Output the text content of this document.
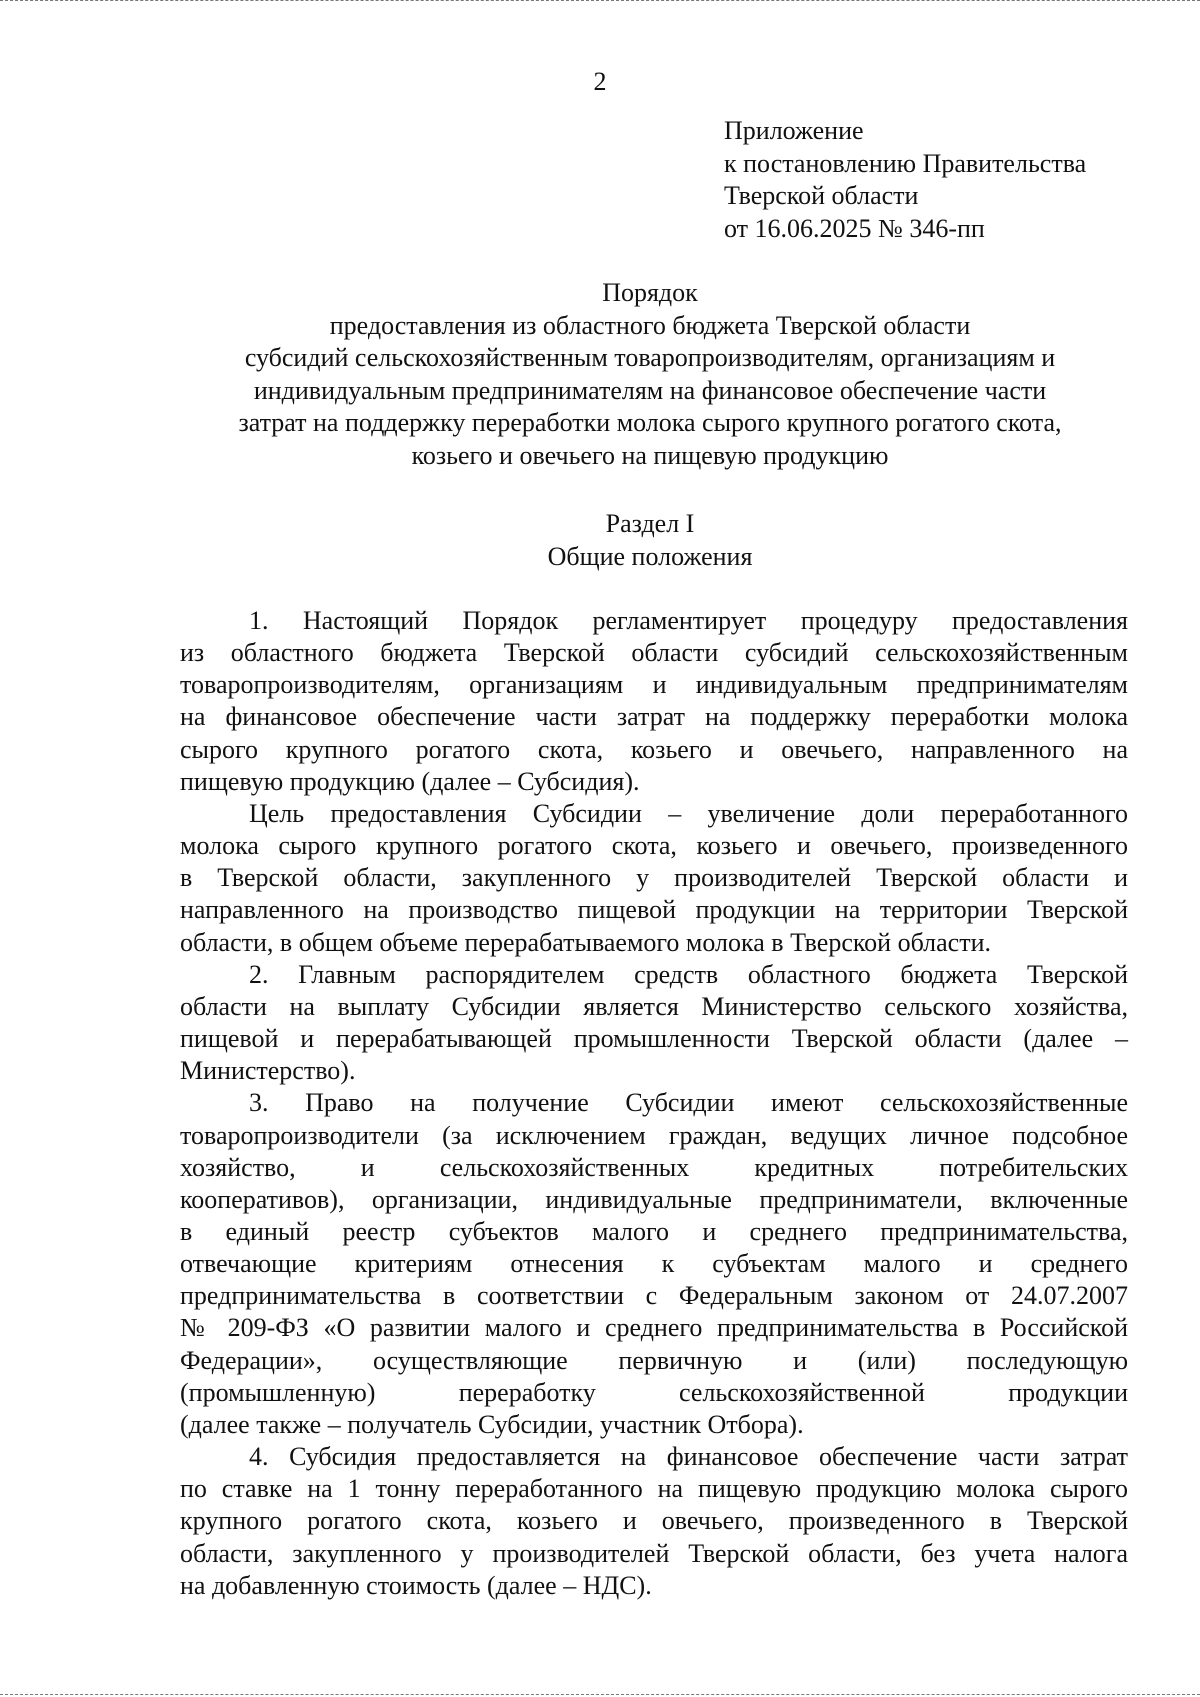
2
Приложение
к постановлению Правительства
Тверской области
от 16.06.2025 № 346-пп
Порядок
предоставления из областного бюджета Тверской области
субсидий сельскохозяйственным товаропроизводителям, организациям и
индивидуальным предпринимателям на финансовое обеспечение части
затрат на поддержку переработки молока сырого крупного рогатого скота,
козьего и овечьего на пищевую продукцию
Раздел I
Общие положения
1. Настоящий Порядок регламентирует процедуру предоставления
из областного бюджета Тверской области субсидий сельскохозяйственным
товаропроизводителям, организациям и индивидуальным предпринимателям
на финансовое обеспечение части затрат на поддержку переработки молока
сырого крупного рогатого скота, козьего и овечьего, направленного на
пищевую продукцию (далее – Субсидия).
Цель предоставления Субсидии – увеличение доли переработанного
молока сырого крупного рогатого скота, козьего и овечьего, произведенного
в Тверской области, закупленного у производителей Тверской области и
направленного на производство пищевой продукции на территории Тверской
области, в общем объеме перерабатываемого молока в Тверской области.
2. Главным распорядителем средств областного бюджета Тверской
области на выплату Субсидии является Министерство сельского хозяйства,
пищевой и перерабатывающей промышленности Тверской области (далее –
Министерство).
3. Право на получение Субсидии имеют сельскохозяйственные
товаропроизводители (за исключением граждан, ведущих личное подсобное
хозяйство, и сельскохозяйственных кредитных потребительских
кооперативов), организации, индивидуальные предприниматели, включенные
в единый реестр субъектов малого и среднего предпринимательства,
отвечающие критериям отнесения к субъектам малого и среднего
предпринимательства в соответствии с Федеральным законом от 24.07.2007
№ 209-ФЗ «О развитии малого и среднего предпринимательства в Российской
Федерации», осуществляющие первичную и (или) последующую
(промышленную) переработку сельскохозяйственной продукции
(далее также – получатель Субсидии, участник Отбора).
4. Субсидия предоставляется на финансовое обеспечение части затрат
по ставке на 1 тонну переработанного на пищевую продукцию молока сырого
крупного рогатого скота, козьего и овечьего, произведенного в Тверской
области, закупленного у производителей Тверской области, без учета налога
на добавленную стоимость (далее – НДС).
